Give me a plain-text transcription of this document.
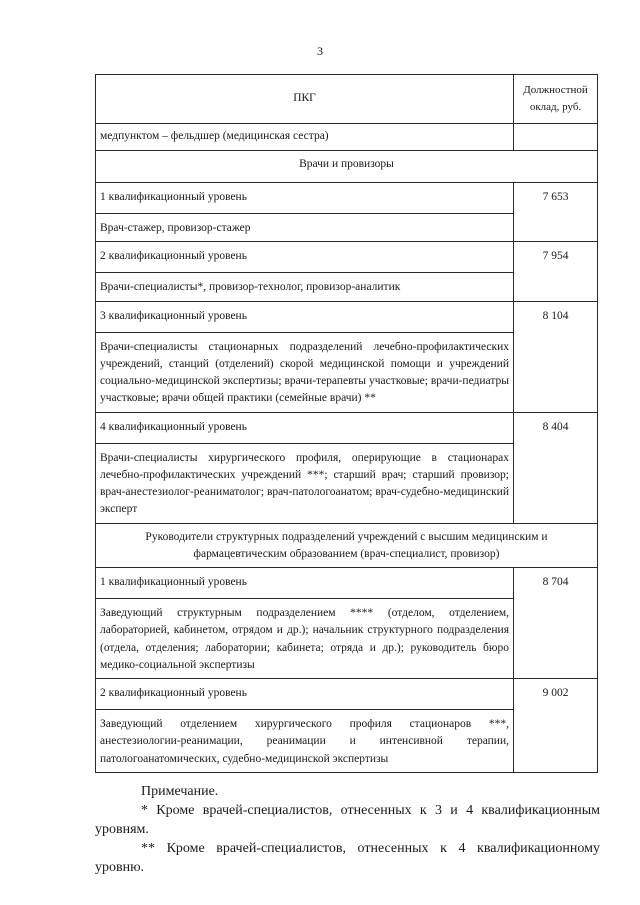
3
ПКГ	Должностной
оклад, руб.
медпунктом – фельдшер (медицинская сестра)	
Врачи и провизоры	
1 квалификационный уровень	7 653
Врач-стажер, провизор-стажер	
2 квалификационный уровень	7 954
Врачи-специалисты*, провизор-технолог, провизор-аналитик	
3 квалификационный уровень	8 104
Врачи-специалисты стационарных подразделений лечебно-профилактических учреждений, станций (отделений) скорой медицинской помощи и учреждений социально-медицинской экспертизы; врачи-терапевты участковые; врачи-педиатры участковые; врачи общей практики (семейные врачи) **	
4 квалификационный уровень	8 404
Врачи-специалисты хирургического профиля, оперирующие в стационарах лечебно-профилактических учреждений ***; старший врач; старший провизор; врач-анестезиолог-реаниматолог; врач-патологоанатом; врач-судебно-медицинский эксперт	
Руководители структурных подразделений учреждений с высшим медицинским и фармацевтическим образованием (врач-специалист, провизор)	
1 квалификационный уровень	8 704
Заведующий структурным подразделением **** (отделом, отделением, лабораторией, кабинетом, отрядом и др.); начальник структурного подразделения (отдела, отделения; лаборатории; кабинета; отряда и др.); руководитель бюро медико-социальной экспертизы	
2 квалификационный уровень	9 002
Заведующий отделением хирургического профиля стационаров ***, анестезиологии-реанимации, реанимации и интенсивной терапии, патологоанатомических, судебно-медицинской экспертизы	
Примечание.
* Кроме врачей-специалистов, отнесенных к 3 и 4 квалификационным уровням.
** Кроме врачей-специалистов, отнесенных к 4 квалификационному уровню.
